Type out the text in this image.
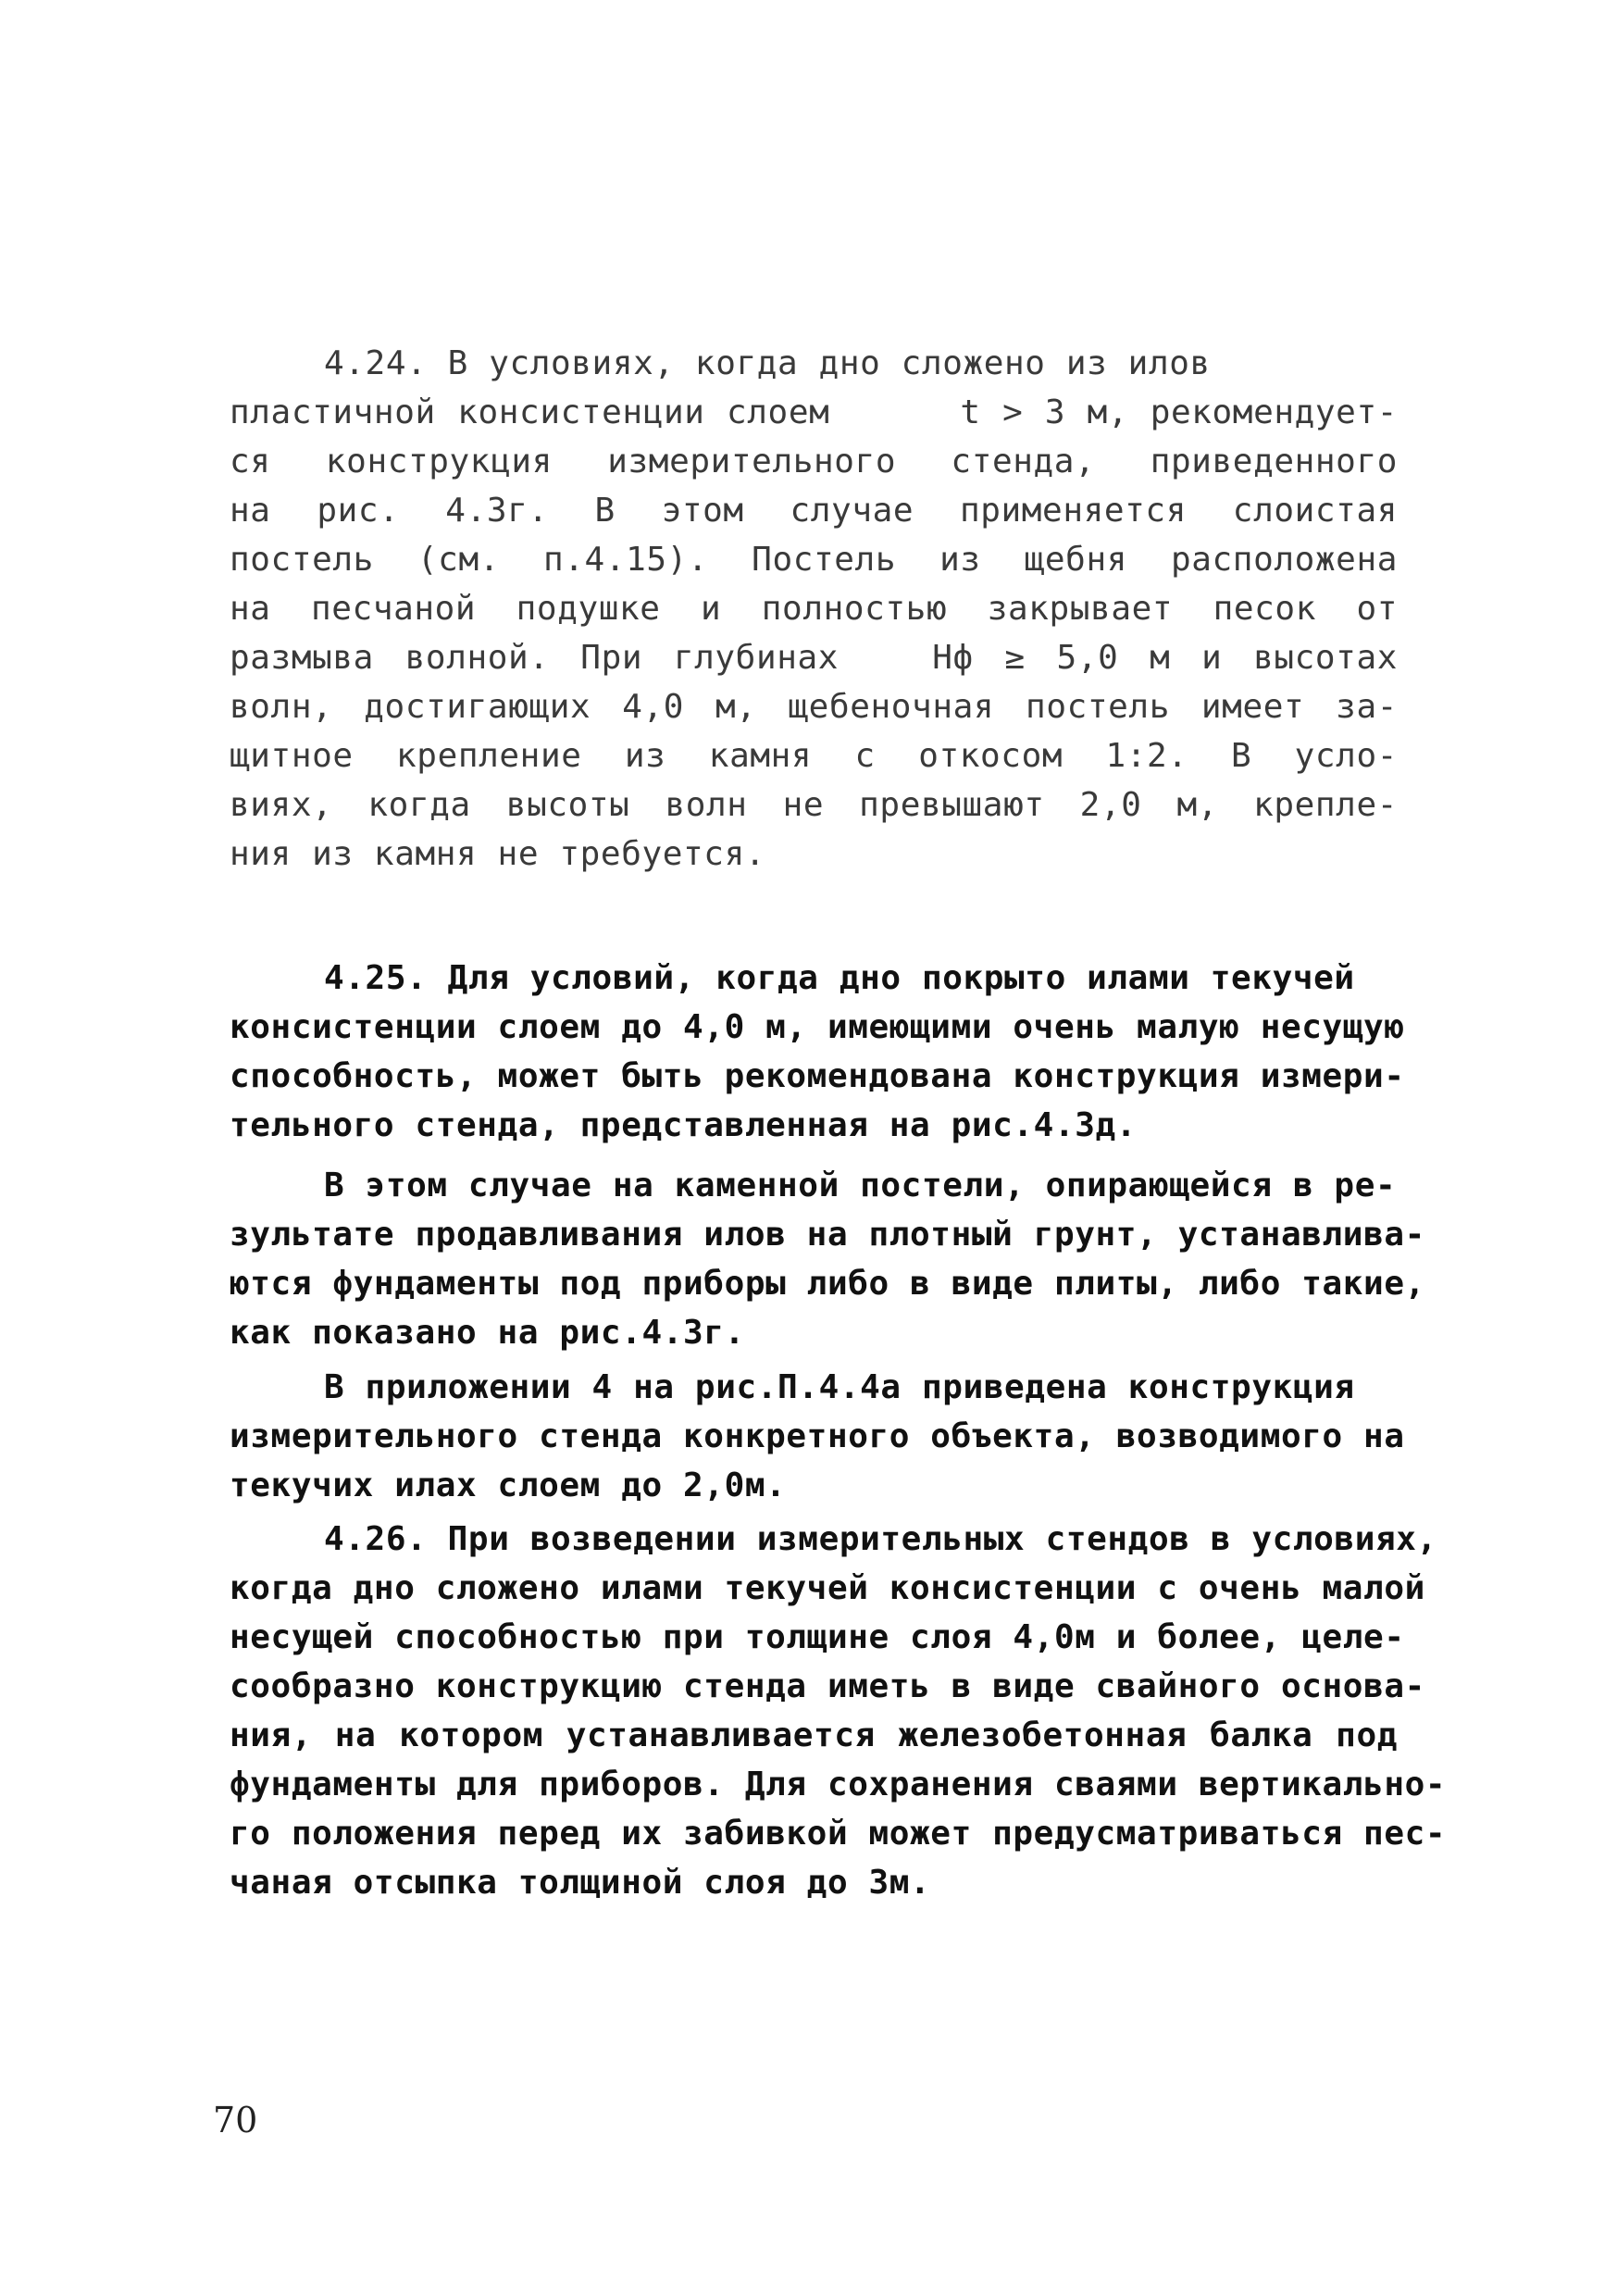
4.24. В условиях, когда дно сложено из илов
пластичной консистенции слоем      t > 3 м, рекомендует-
ся конструкция измерительного стенда, приведенного
на рис. 4.3г. В этом случае применяется слоистая
постель (см. п.4.15). Постель из щебня расположена
на песчаной подушке и полностью закрывает песок от
размыва волной. При глубинах   Нф ≥ 5,0 м и высотах
волн, достигающих 4,0 м, щебеночная постель имеет за-
щитное крепление из камня с откосом 1:2. В усло-
виях, когда высоты волн не превышают 2,0 м, крепле-
ния из камня не требуется.
4.25. Для условий, когда дно покрыто илами текучей
консистенции слоем до 4,0 м, имеющими очень малую несущую
способность, может быть рекомендована конструкция измери-
тельного стенда, представленная на рис.4.3д.
В этом случае на каменной постели, опирающейся в ре-
зультате продавливания илов на плотный грунт, устанавлива-
ются фундаменты под приборы либо в виде плиты, либо такие,
как показано на рис.4.3г.
В приложении 4 на рис.П.4.4а приведена конструкция
измерительного стенда конкретного объекта, возводимого на
текучих илах слоем до 2,0м.
4.26. При возведении измерительных стендов в условиях,
когда дно сложено илами текучей консистенции с очень малой
несущей способностью при толщине слоя 4,0м и более, целе-
сообразно конструкцию стенда иметь в виде свайного основа-
ния, на котором устанавливается железобетонная балка под
фундаменты для приборов. Для сохранения сваями вертикально-
го положения перед их забивкой может предусматриваться пес-
чаная отсыпка толщиной слоя до 3м.
70
